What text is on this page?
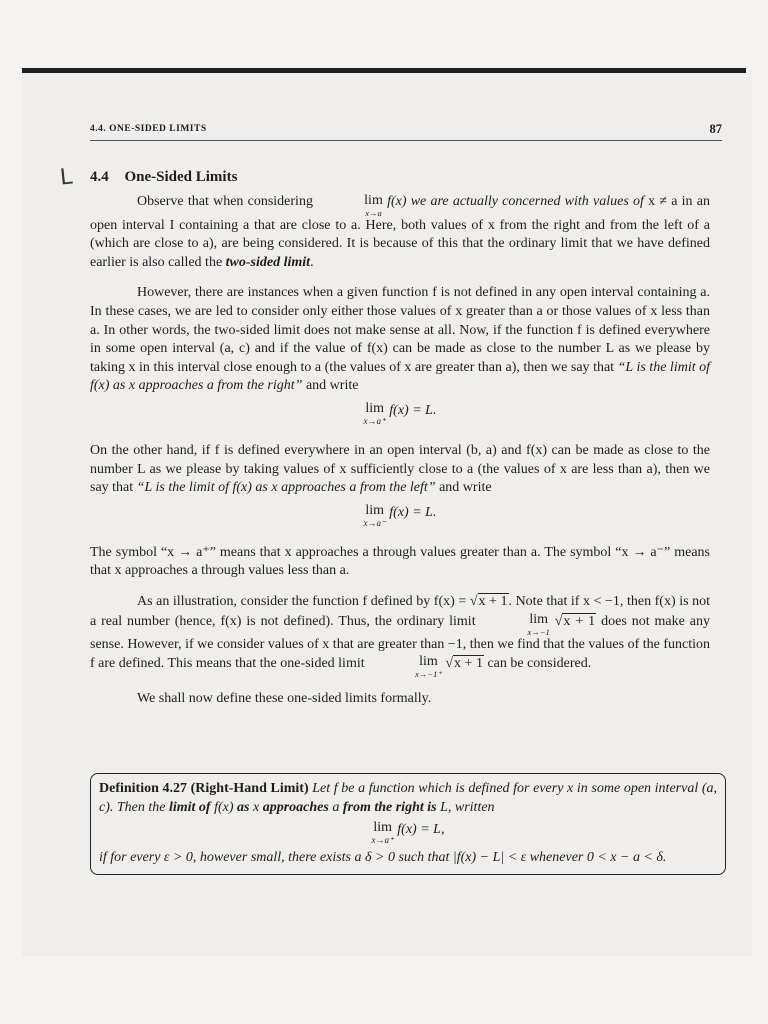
L
4.4. ONE-SIDED LIMITS	87
4.4 One-Sided Limits

Observe that when considering	lim
x→a
f(x) we are actually concerned with values of x ≠ a in an open interval I containing a that are close to a. Here, both values of x from the right and from the left of a (which are close to a), are being considered. It is because of this that the ordinary limit that we have defined earlier is also called the two-sided limit.

However, there are instances when a given function f is not defined in any open interval containing a. In these cases, we are led to consider only either those values of x greater than a or those values of x less than a. In other words, the two-sided limit does not make sense at all. Now, if the function f is defined everywhere in some open interval (a, c) and if the value of f(x) can be made as close to the number L as we please by taking x in this interval close enough to a (the values of x are greater than a), then we say that “L is the limit of f(x) as x approaches a from the right” and write

lim
x→a⁺
f(x) = L.

On the other hand, if f is defined everywhere in an open interval (b, a) and f(x) can be made as close to the number L as we please by taking values of x sufficiently close to a (the values of x are less than a), then we say that “L is the limit of f(x) as x approaches a from the left” and write

lim
x→a⁻
f(x) = L.

The symbol “x → a⁺” means that x approaches a through values greater than a. The symbol “x → a⁻” means that x approaches a through values less than a.

As an illustration, consider the function f defined by f(x) = √x + 1. Note that if x < −1, then f(x) is not a real number (hence, f(x) is not defined). Thus, the ordinary limit	lim
x→−1
√x + 1 does not make any sense. However, if we consider values of x that are greater than −1, then we find that the values of the function f are defined. This means that the one-sided limit	lim
x→−1⁺
√x + 1 can be considered.

We shall now define these one-sided limits formally.

Definition 4.27 (Right-Hand Limit) Let f be a function which is defined for every x in some open interval (a, c). Then the limit of f(x) as x approaches a from the right is L, written
lim
x→a⁺
f(x) = L,
if for every ε > 0, however small, there exists a δ > 0 such that |f(x) − L| < ε whenever 0 < x − a < δ.
